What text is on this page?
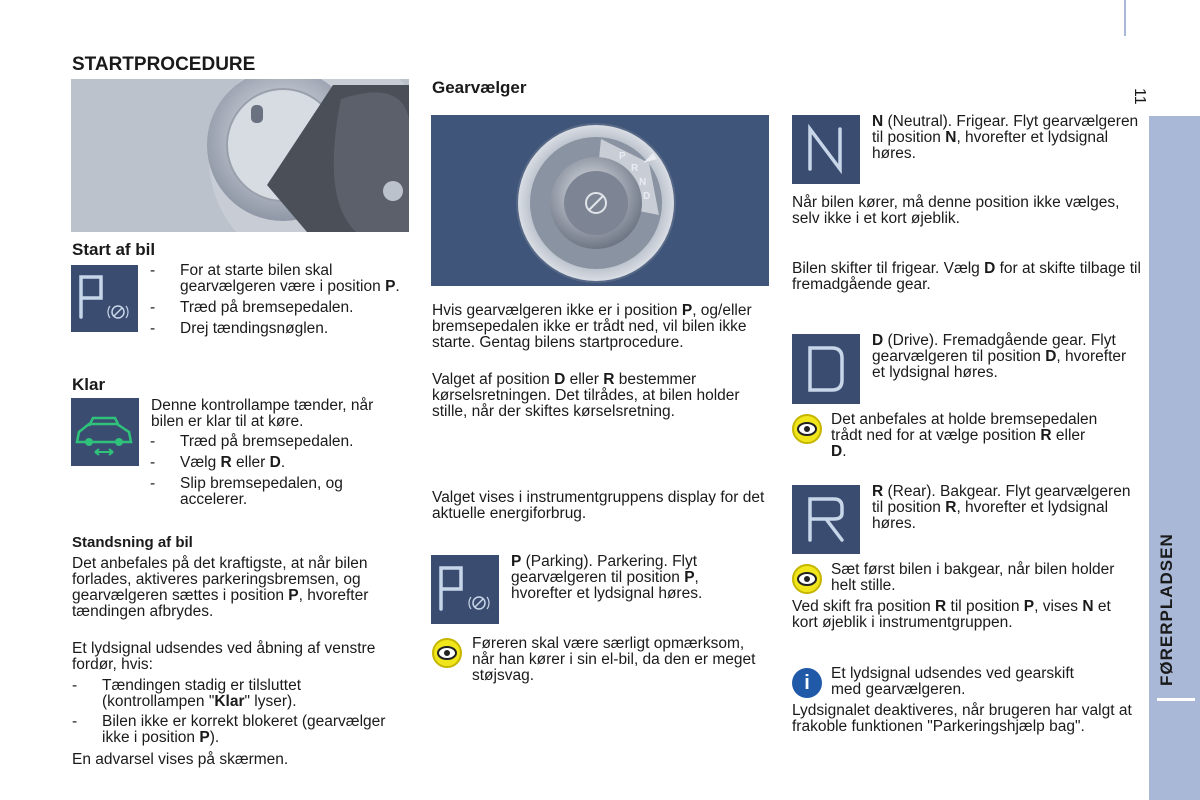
11
FØRERPLADSEN
STARTPROCEDURE
Start af bil
- For at starte bilen skal gearvælgeren være i position P.
- Træd på bremsepedalen.
- Drej tændingsnøglen.
Klar
Denne kontrollampe tænder, når bilen er klar til at køre.
- Træd på bremsepedalen.
- Vælg R eller D.
- Slip bremsepedalen, og accelerer.
Standsning af bil
Det anbefales på det kraftigste, at når bilen forlades, aktiveres parkeringsbremsen, og gearvælgeren sættes i position P, hvorefter tændingen afbrydes.
Et lydsignal udsendes ved åbning af venstre fordør, hvis:
- Tændingen stadig er tilsluttet (kontrollampen "Klar" lyser).
- Bilen ikke er korrekt blokeret (gearvælger ikke i position P).
En advarsel vises på skærmen.
Gearvælger
P
R
N
D
Hvis gearvælgeren ikke er i position P, og/eller bremsepedalen ikke er trådt ned, vil bilen ikke starte. Gentag bilens startprocedure.
Valget af position D eller R bestemmer kørselsretningen. Det tilrådes, at bilen holder stille, når der skiftes kørselsretning.
Valget vises i instrumentgruppens display for det aktuelle energiforbrug.
P (Parking). Parkering. Flyt gearvælgeren til position P, hvorefter et lydsignal høres.
Føreren skal være særligt opmærksom, når han kører i sin el-bil, da den er meget støjsvag.
N (Neutral). Frigear. Flyt gearvælgeren til position N, hvorefter et lydsignal høres.
Når bilen kører, må denne position ikke vælges, selv ikke i et kort øjeblik.
Bilen skifter til frigear. Vælg D for at skifte tilbage til fremadgående gear.
D (Drive). Fremadgående gear. Flyt gearvælgeren til position D, hvorefter et lydsignal høres.
Det anbefales at holde bremsepedalen trådt ned for at vælge position R eller D.
R (Rear). Bakgear. Flyt gearvælgeren til position R, hvorefter et lydsignal høres.
Sæt først bilen i bakgear, når bilen holder helt stille.
Ved skift fra position R til position P, vises N et kort øjeblik i instrumentgruppen.
i	Et lydsignal udsendes ved gearskift med gearvælgeren.
Lydsignalet deaktiveres, når brugeren har valgt at frakoble funktionen "Parkeringshjælp bag".
